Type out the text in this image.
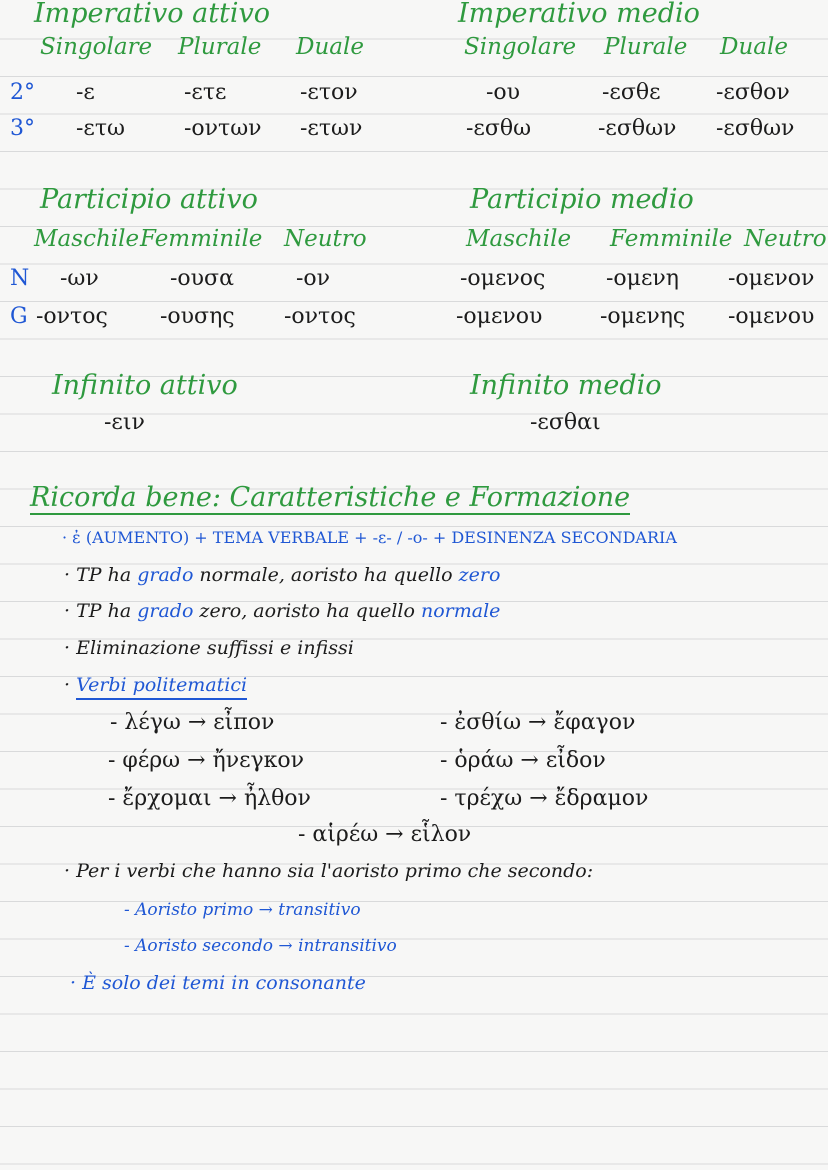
Imperativo attivo
Singolare Plurale Duale
2° -ε	-ετε	-ετον
3° -ετω	-οντων -ετων
Imperativo medio
Singolare Plurale Duale
-ου	-εσθε	-εσθον
-εσθω	-εσθων -εσθων
Participio attivo
Maschile Femminile Neutro
N -ων	-ουσα	-ον
G -οντος -ουσης -οντος
Participio medio
Maschile Femminile Neutro
-ομενος	-ομενη -ομενον
-ομενου	-ομενης -ομενου
Infinito attivo
-ειν
Infinito medio
-εσθαι
Ricorda bene: Caratteristiche e Formazione
· ἐ (AUMENTO) + TEMA VERBALE + -ε- / -ο- + DESINENZA SECONDARIA
· TP ha grado normale, aoristo ha quello zero
· TP ha grado zero, aoristo ha quello normale
· Eliminazione suffissi e infissi
· Verbi politematici
- λέγω → εἶπον
- φέρω → ἤνεγκον
- ἔρχομαι → ἦλθον
- ἐσθίω → ἔφαγον
- ὁράω → εἶδον
- τρέχω → ἔδραμον
- αἱρέω → εἷλον
· Per i verbi che hanno sia l'aoristo primo che secondo:
- Aoristo primo → transitivo
- Aoristo secondo → intransitivo
· È solo dei temi in consonante
